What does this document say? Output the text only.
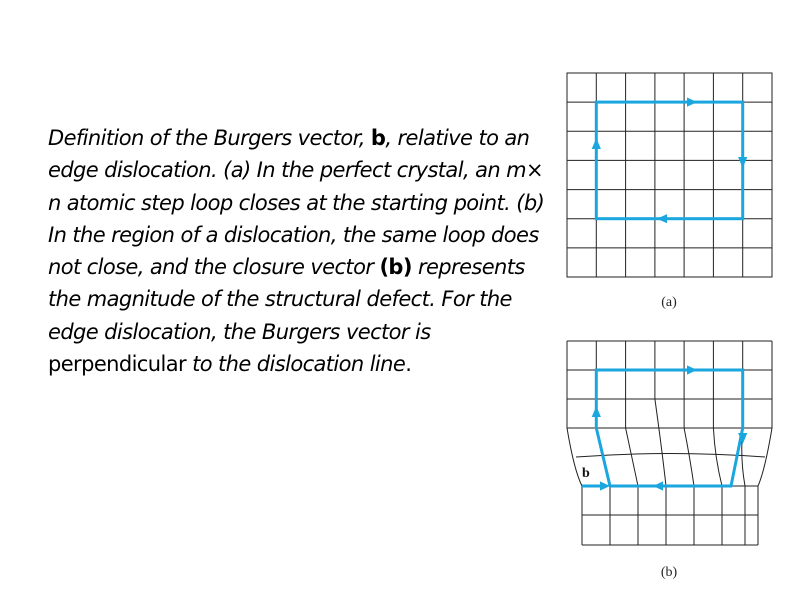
Definition of the Burgers vector, b, relative to an edge dislocation. (a) In the perfect crystal, an m× n atomic step loop closes at the starting point. (b) In the region of a dislocation, the same loop does not close, and the closure vector (b) represents the magnitude of the structural defect. For the edge dislocation, the Burgers vector is perpendicular to the dislocation line.
(a)
b
(b)
